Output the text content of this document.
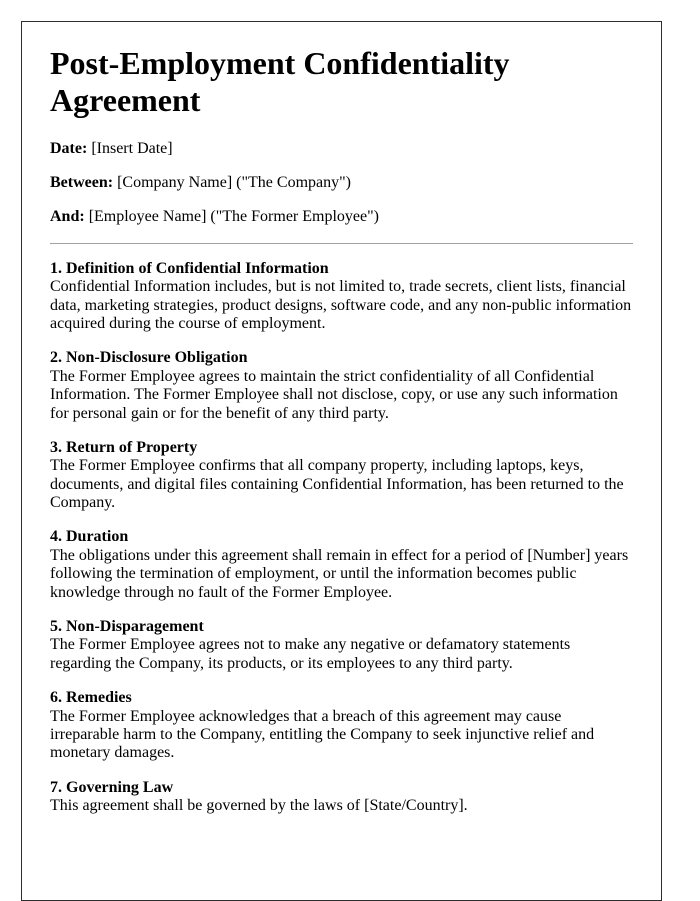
Post-Employment Confidentiality Agreement

Date: [Insert Date]

Between: [Company Name] ("The Company")

And: [Employee Name] ("The Former Employee")

1. Definition of Confidential Information
Confidential Information includes, but is not limited to, trade secrets, client lists, financial data, marketing strategies, product designs, software code, and any non-public information acquired during the course of employment.

2. Non-Disclosure Obligation
The Former Employee agrees to maintain the strict confidentiality of all Confidential Information. The Former Employee shall not disclose, copy, or use any such information for personal gain or for the benefit of any third party.

3. Return of Property
The Former Employee confirms that all company property, including laptops, keys, documents, and digital files containing Confidential Information, has been returned to the Company.

4. Duration
The obligations under this agreement shall remain in effect for a period of [Number] years following the termination of employment, or until the information becomes public knowledge through no fault of the Former Employee.

5. Non-Disparagement
The Former Employee agrees not to make any negative or defamatory statements regarding the Company, its products, or its employees to any third party.

6. Remedies
The Former Employee acknowledges that a breach of this agreement may cause irreparable harm to the Company, entitling the Company to seek injunctive relief and monetary damages.

7. Governing Law
This agreement shall be governed by the laws of [State/Country].
